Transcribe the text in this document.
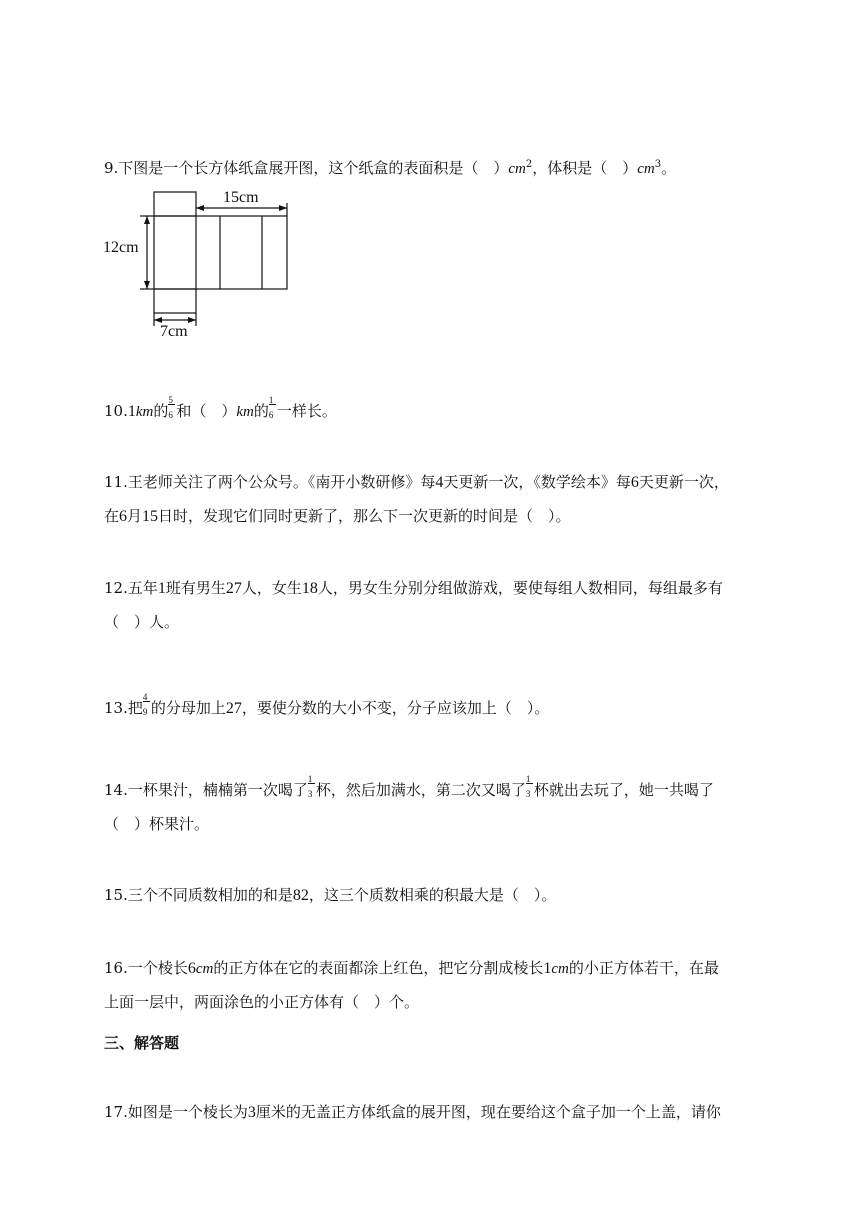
9.下图是一个长方体纸盒展开图，这个纸盒的表面积是（　）$cm^2$，体积是（　）$cm^3$。
15cm
12cm
7cm
10.1km的 $\frac{5}{6}$ 和（　）km的 $\frac{1}{6}$ 一样长。
11.王老师关注了两个公众号。《南开小数研修》每4天更新一次，《数学绘本》每6天更新一次，
在6月15日时，发现它们同时更新了，那么下一次更新的时间是（　）。
12.五年1班有男生27人，女生18人，男女生分别分组做游戏，要使每组人数相同，每组最多有
（　）人。
13.把 $\frac{4}{9}$ 的分母加上27，要使分数的大小不变，分子应该加上（　）。
14.一杯果汁，楠楠第一次喝了 $\frac{1}{3}$ 杯，然后加满水，第二次又喝了 $\frac{1}{3}$ 杯就出去玩了，她一共喝了
（　）杯果汁。
15.三个不同质数相加的和是82，这三个质数相乘的积最大是（　）。
16.一个棱长6cm的正方体在它的表面都涂上红色，把它分割成棱长1cm的小正方体若干，在最
上面一层中，两面涂色的小正方体有（　）个。
三、解答题
17.如图是一个棱长为3厘米的无盖正方体纸盒的展开图，现在要给这个盒子加一个上盖，请你
